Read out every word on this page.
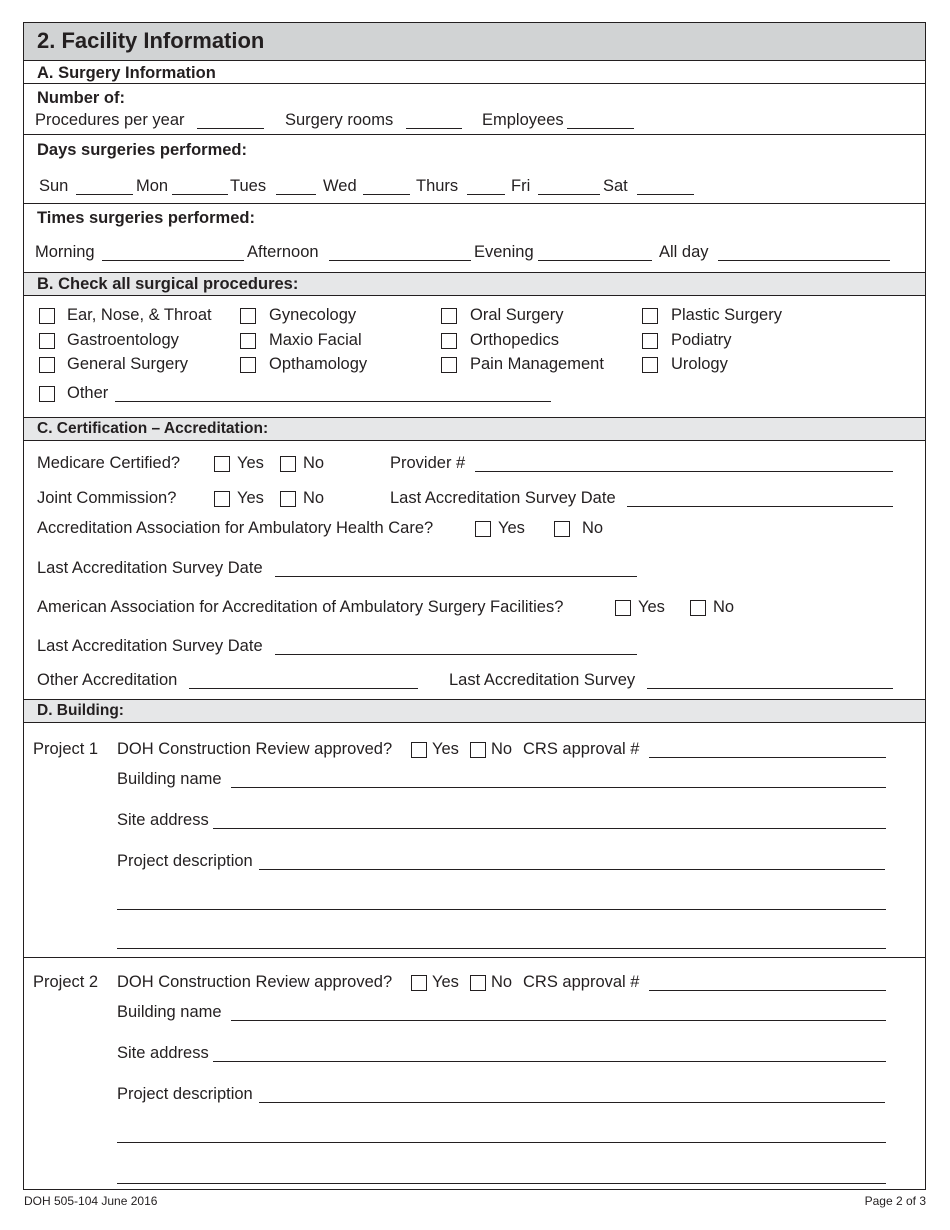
2. Facility Information
A. Surgery Information
Number of:
Procedures per year	Surgery rooms	Employees
Days surgeries performed:
Sun	Mon	Tues	Wed	Thurs	Fri	Sat
Times surgeries performed:
Morning	Afternoon	Evening	All day
B. Check all surgical procedures:
Ear, Nose, & Throat	Gynecology	Oral Surgery	Plastic Surgery
Gastroentology	Maxio Facial	Orthopedics	Podiatry
General Surgery	Opthamology	Pain Management	Urology
Other
C. Certification – Accreditation:
Medicare Certified?	Yes No	Provider #
Joint Commission?	Yes No	Last Accreditation Survey Date
Accreditation Association for Ambulatory Health Care?	Yes	No
Last Accreditation Survey Date
American Association for Accreditation of Ambulatory Surgery Facilities?	Yes	No
Last Accreditation Survey Date
Other Accreditation	Last Accreditation Survey
D. Building:
Project 1 DOH Construction Review approved? Yes No CRS approval #
Building name
Site address
Project description
Project 2 DOH Construction Review approved? Yes No CRS approval #
Building name
Site address
Project description
DOH 505-104 June 2016	Page 2 of 3
